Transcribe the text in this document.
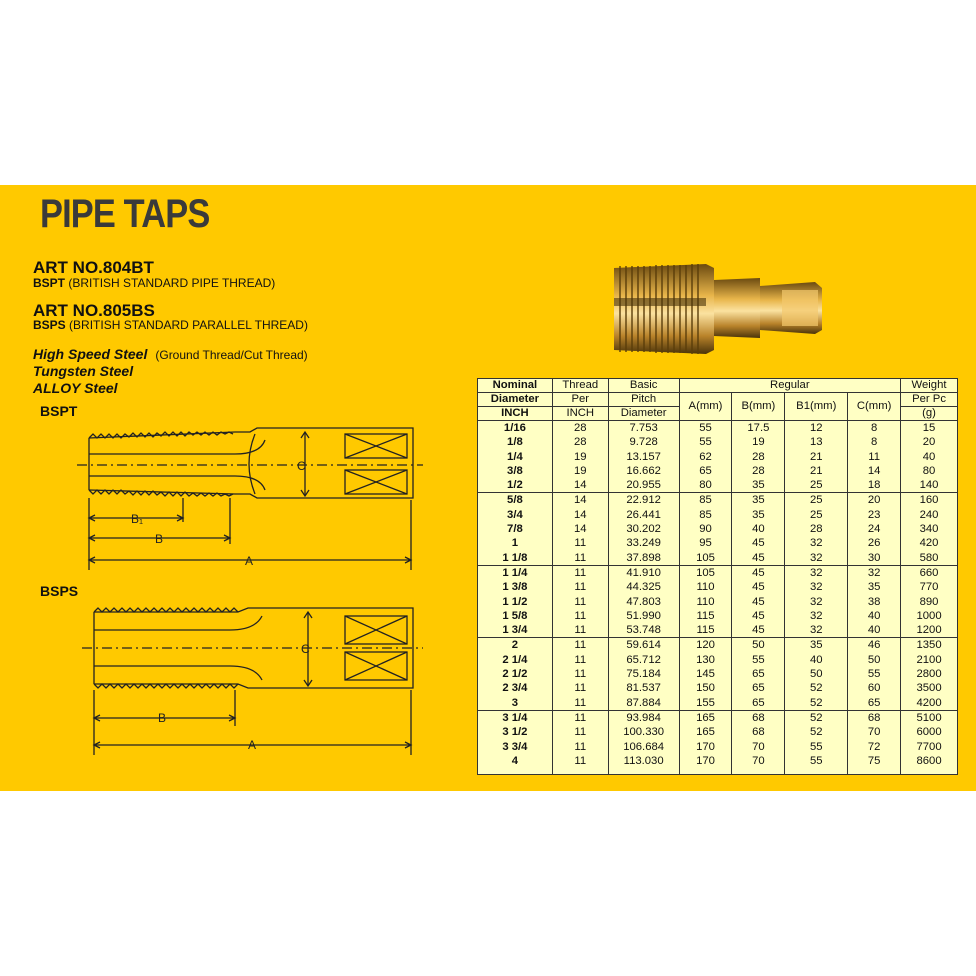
PIPE TAPS
ART NO.804BT
BSPT (BRITISH STANDARD PIPE THREAD)
ART NO.805BS
BSPS (BRITISH STANDARD PARALLEL THREAD)
High Speed Steel (Ground Thread/Cut Thread)
Tungsten Steel
ALLOY Steel
BSPT
BSPS
B₁
B
A
C
B
A
C
Nominal	Thread	Basic	Regular				Weight
Diameter	Per	Pitch	A(mm)	B(mm)	B1(mm)	C(mm)	Per Pc
INCH	INCH	Diameter					(g)
1/16	28	7.753	55	17.5	12	8	15
1/8	28	9.728	55	19	13	8	20
1/4	19	13.157	62	28	21	11	40
3/8	19	16.662	65	28	21	14	80
1/2	14	20.955	80	35	25	18	140
5/8	14	22.912	85	35	25	20	160
3/4	14	26.441	85	35	25	23	240
7/8	14	30.202	90	40	28	24	340
1	11	33.249	95	45	32	26	420
1 1/8	11	37.898	105	45	32	30	580
1 1/4	11	41.910	105	45	32	32	660
1 3/8	11	44.325	110	45	32	35	770
1 1/2	11	47.803	110	45	32	38	890
1 5/8	11	51.990	115	45	32	40	1000
1 3/4	11	53.748	115	45	32	40	1200
2	11	59.614	120	50	35	46	1350
2 1/4	11	65.712	130	55	40	50	2100
2 1/2	11	75.184	145	65	50	55	2800
2 3/4	11	81.537	150	65	52	60	3500
3	11	87.884	155	65	52	65	4200
3 1/4	11	93.984	165	68	52	68	5100
3 1/2	11	100.330	165	68	52	70	6000
3 3/4	11	106.684	170	70	55	72	7700
4	11	113.030	170	70	55	75	8600
